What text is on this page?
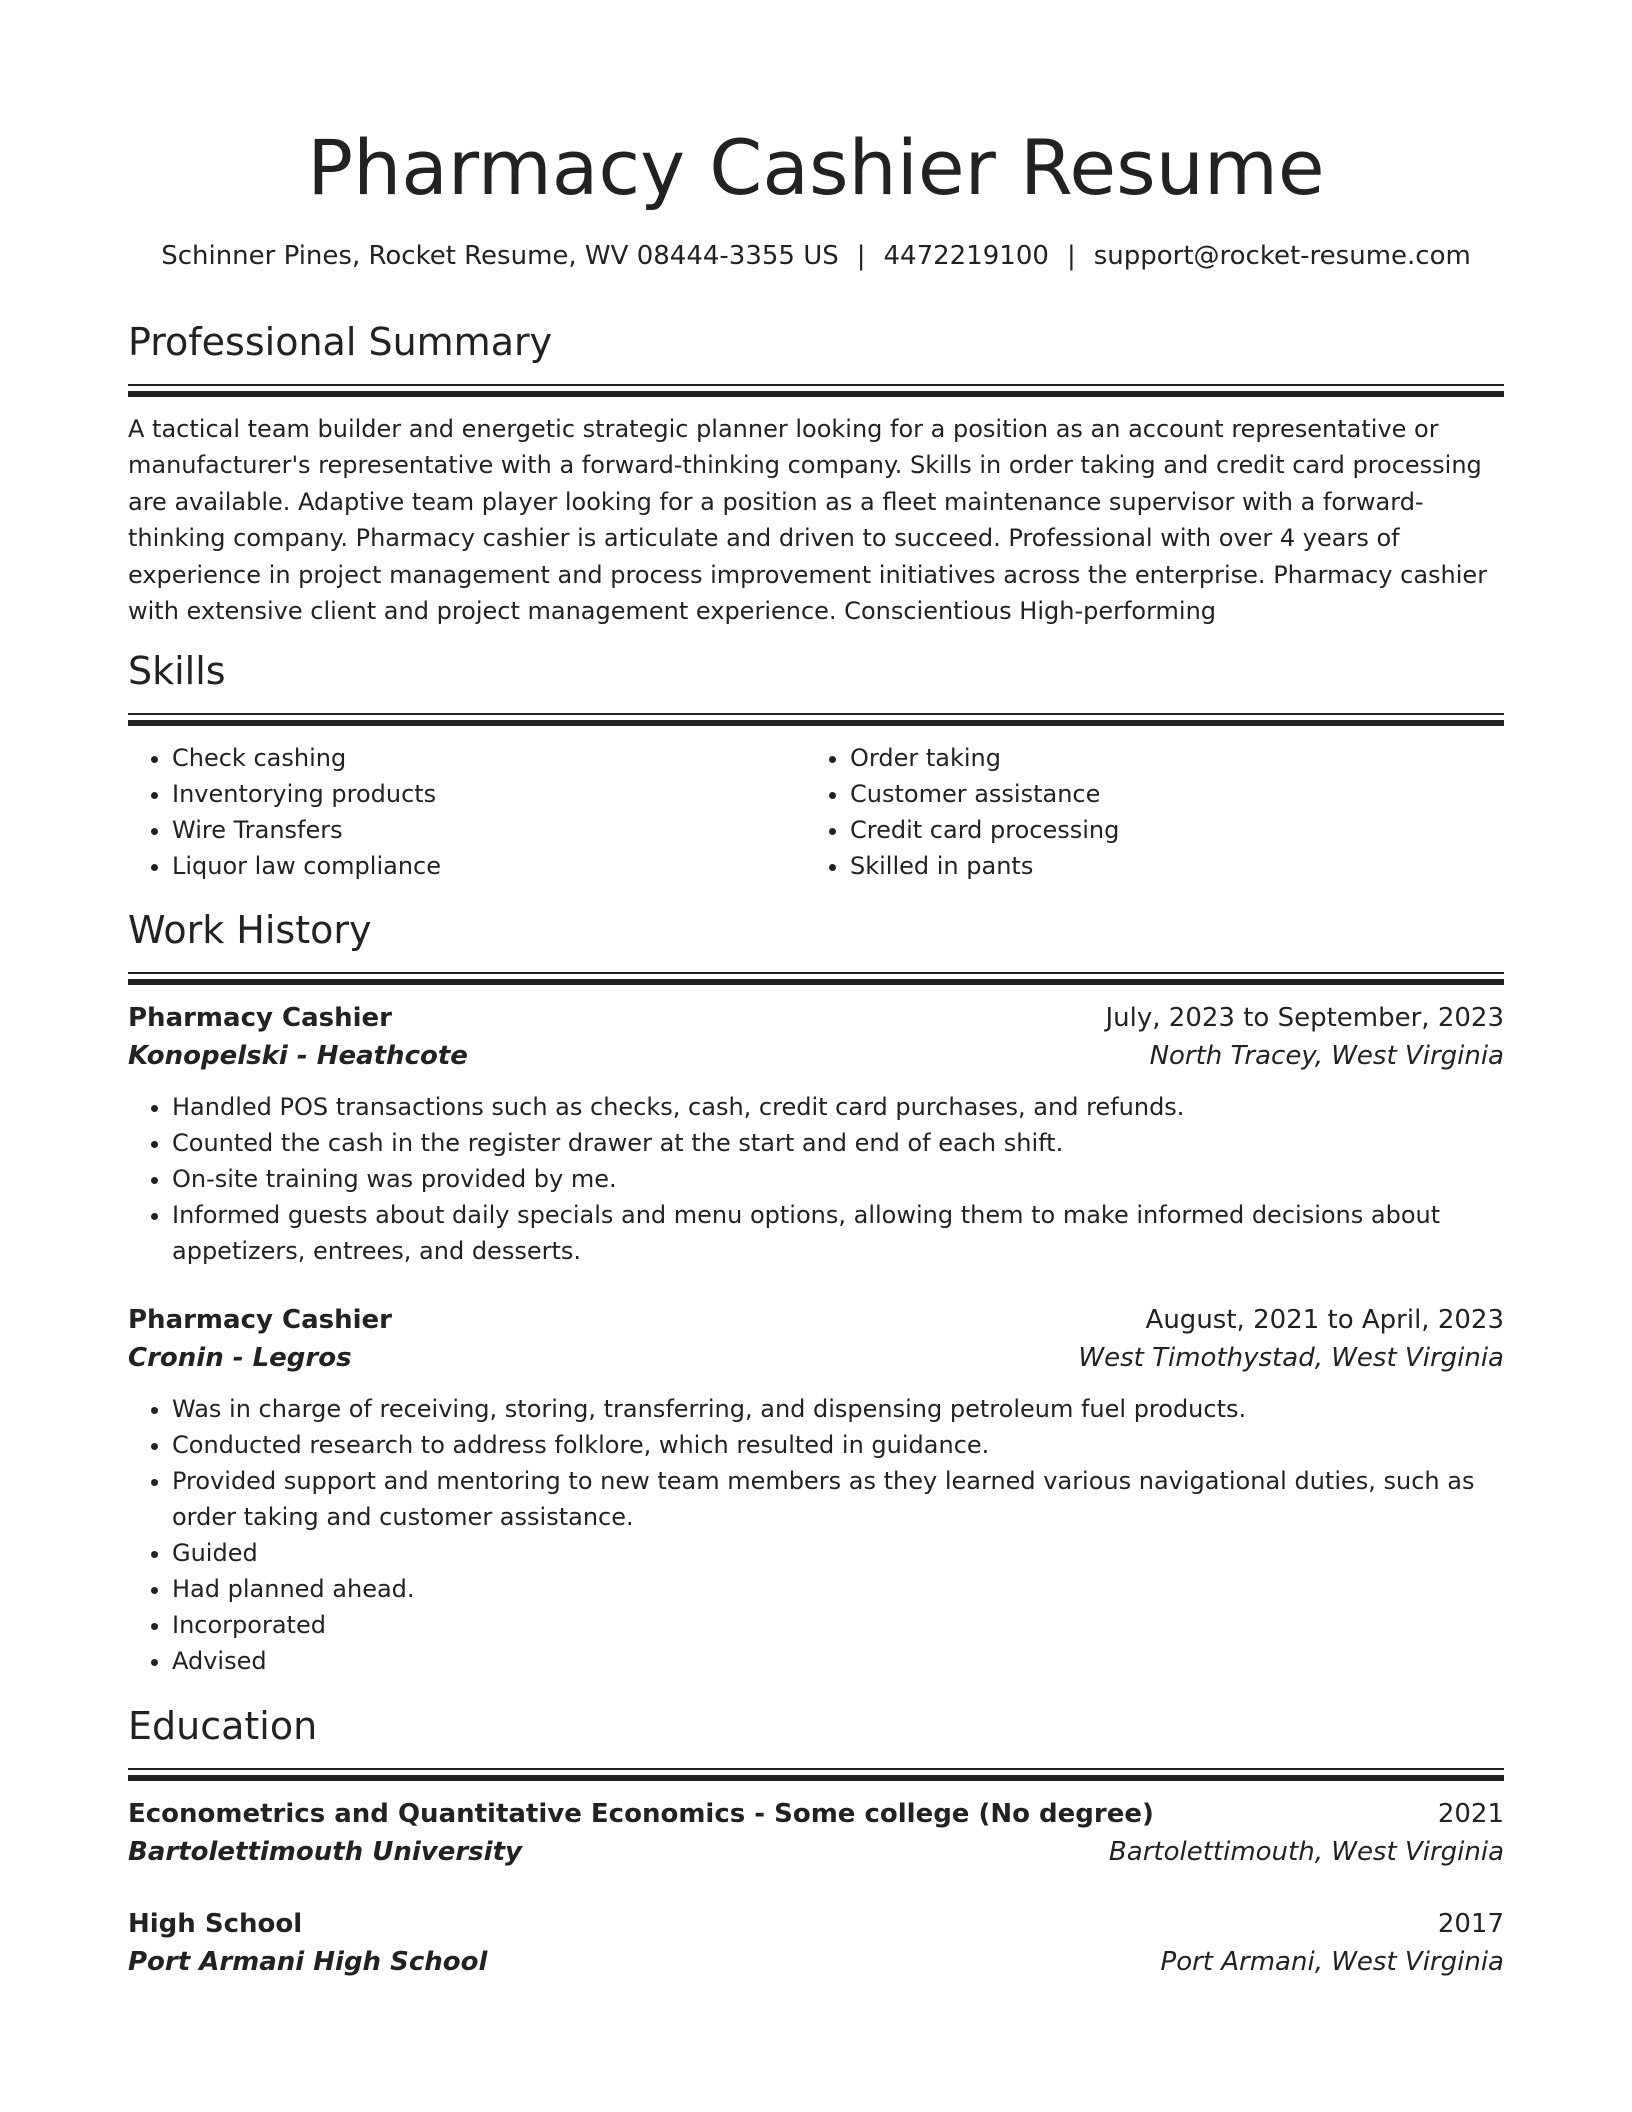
Pharmacy Cashier Resume
Schinner Pines, Rocket Resume, WV 08444-3355 US | 4472219100 | support@rocket-resume.com
Professional Summary

A tactical team builder and energetic strategic planner looking for a position as an account representative or manufacturer's representative with a forward-thinking company. Skills in order taking and credit card processing are available. Adaptive team player looking for a position as a fleet maintenance supervisor with a forward-thinking company. Pharmacy cashier is articulate and driven to succeed. Professional with over 4 years of experience in project management and process improvement initiatives across the enterprise. Pharmacy cashier with extensive client and project management experience. Conscientious High-performing

Skills
• Check cashing
• Inventorying products
• Wire Transfers
• Liquor law compliance
• Order taking
• Customer assistance
• Credit card processing
• Skilled in pants
Work History
Pharmacy Cashier	July, 2023 to September, 2023
Konopelski - Heathcote	North Tracey, West Virginia
• Handled POS transactions such as checks, cash, credit card purchases, and refunds.
• Counted the cash in the register drawer at the start and end of each shift.
• On-site training was provided by me.
• Informed guests about daily specials and menu options, allowing them to make informed decisions about appetizers, entrees, and desserts.
Pharmacy Cashier	August, 2021 to April, 2023
Cronin - Legros	West Timothystad, West Virginia
• Was in charge of receiving, storing, transferring, and dispensing petroleum fuel products.
• Conducted research to address folklore, which resulted in guidance.
• Provided support and mentoring to new team members as they learned various navigational duties, such as order taking and customer assistance.
• Guided
• Had planned ahead.
• Incorporated
• Advised
Education
Econometrics and Quantitative Economics - Some college (No degree)	2021
Bartolettimouth University	Bartolettimouth, West Virginia
High School	2017
Port Armani High School	Port Armani, West Virginia
